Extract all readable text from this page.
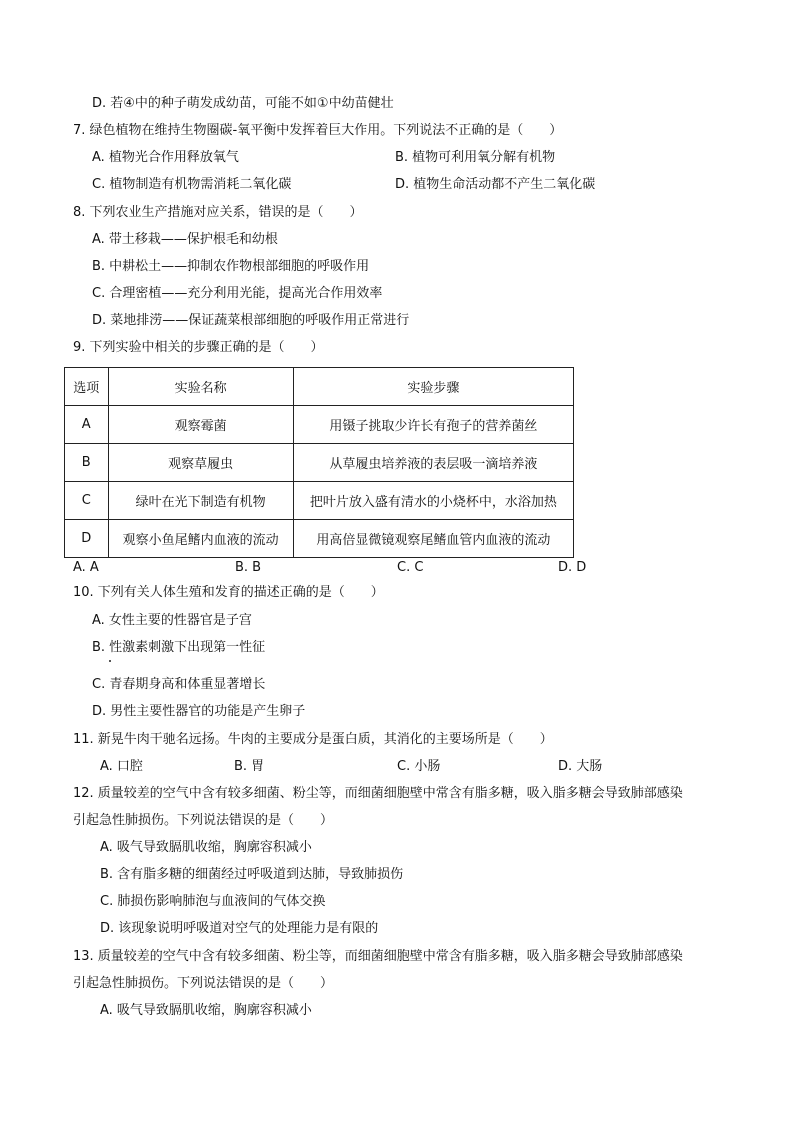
D. 若④中的种子萌发成幼苗，可能不如①中幼苗健壮
7. 绿色植物在维持生物圈碳-氧平衡中发挥着巨大作用。下列说法不正确的是（　　）
A. 植物光合作用释放氧气	B. 植物可利用氧分解有机物
C. 植物制造有机物需消耗二氧化碳	D. 植物生命活动都不产生二氧化碳
8. 下列农业生产措施对应关系，错误的是（　　）
A. 带土移栽——保护根毛和幼根
B. 中耕松土——抑制农作物根部细胞的呼吸作用
C. 合理密植——充分利用光能，提高光合作用效率
D. 菜地排涝——保证蔬菜根部细胞的呼吸作用正常进行
9. 下列实验中相关的步骤正确的是（　　）
选项	实验名称	实验步骤
A	观察霉菌	用镊子挑取少许长有孢子的营养菌丝
B	观察草履虫	从草履虫培养液的表层吸一滴培养液
C	绿叶在光下制造有机物	把叶片放入盛有清水的小烧杯中，水浴加热
D	观察小鱼尾鳍内血液的流动	用高倍显微镜观察尾鳍血管内血液的流动
A. A	B. B	C. C	D. D
10. 下列有关人体生殖和发育的描述正确的是（　　）
A. 女性主要的性器官是子宫
B. 性激素刺激下出现第一性征
C. 青春期身高和体重显著增长
D. 男性主要性器官的功能是产生卵子
11. 新晃牛肉干驰名远扬。牛肉的主要成分是蛋白质，其消化的主要场所是（　　）
A. 口腔	B. 胃	C. 小肠	D. 大肠
12. 质量较差的空气中含有较多细菌、粉尘等，而细菌细胞壁中常含有脂多糖，吸入脂多糖会导致肺部感染
引起急性肺损伤。下列说法错误的是（　　）
A. 吸气导致膈肌收缩，胸廓容积减小
B. 含有脂多糖的细菌经过呼吸道到达肺，导致肺损伤
C. 肺损伤影响肺泡与血液间的气体交换
D. 该现象说明呼吸道对空气的处理能力是有限的
13. 质量较差的空气中含有较多细菌、粉尘等，而细菌细胞壁中常含有脂多糖，吸入脂多糖会导致肺部感染
引起急性肺损伤。下列说法错误的是（　　）
A. 吸气导致膈肌收缩，胸廓容积减小
